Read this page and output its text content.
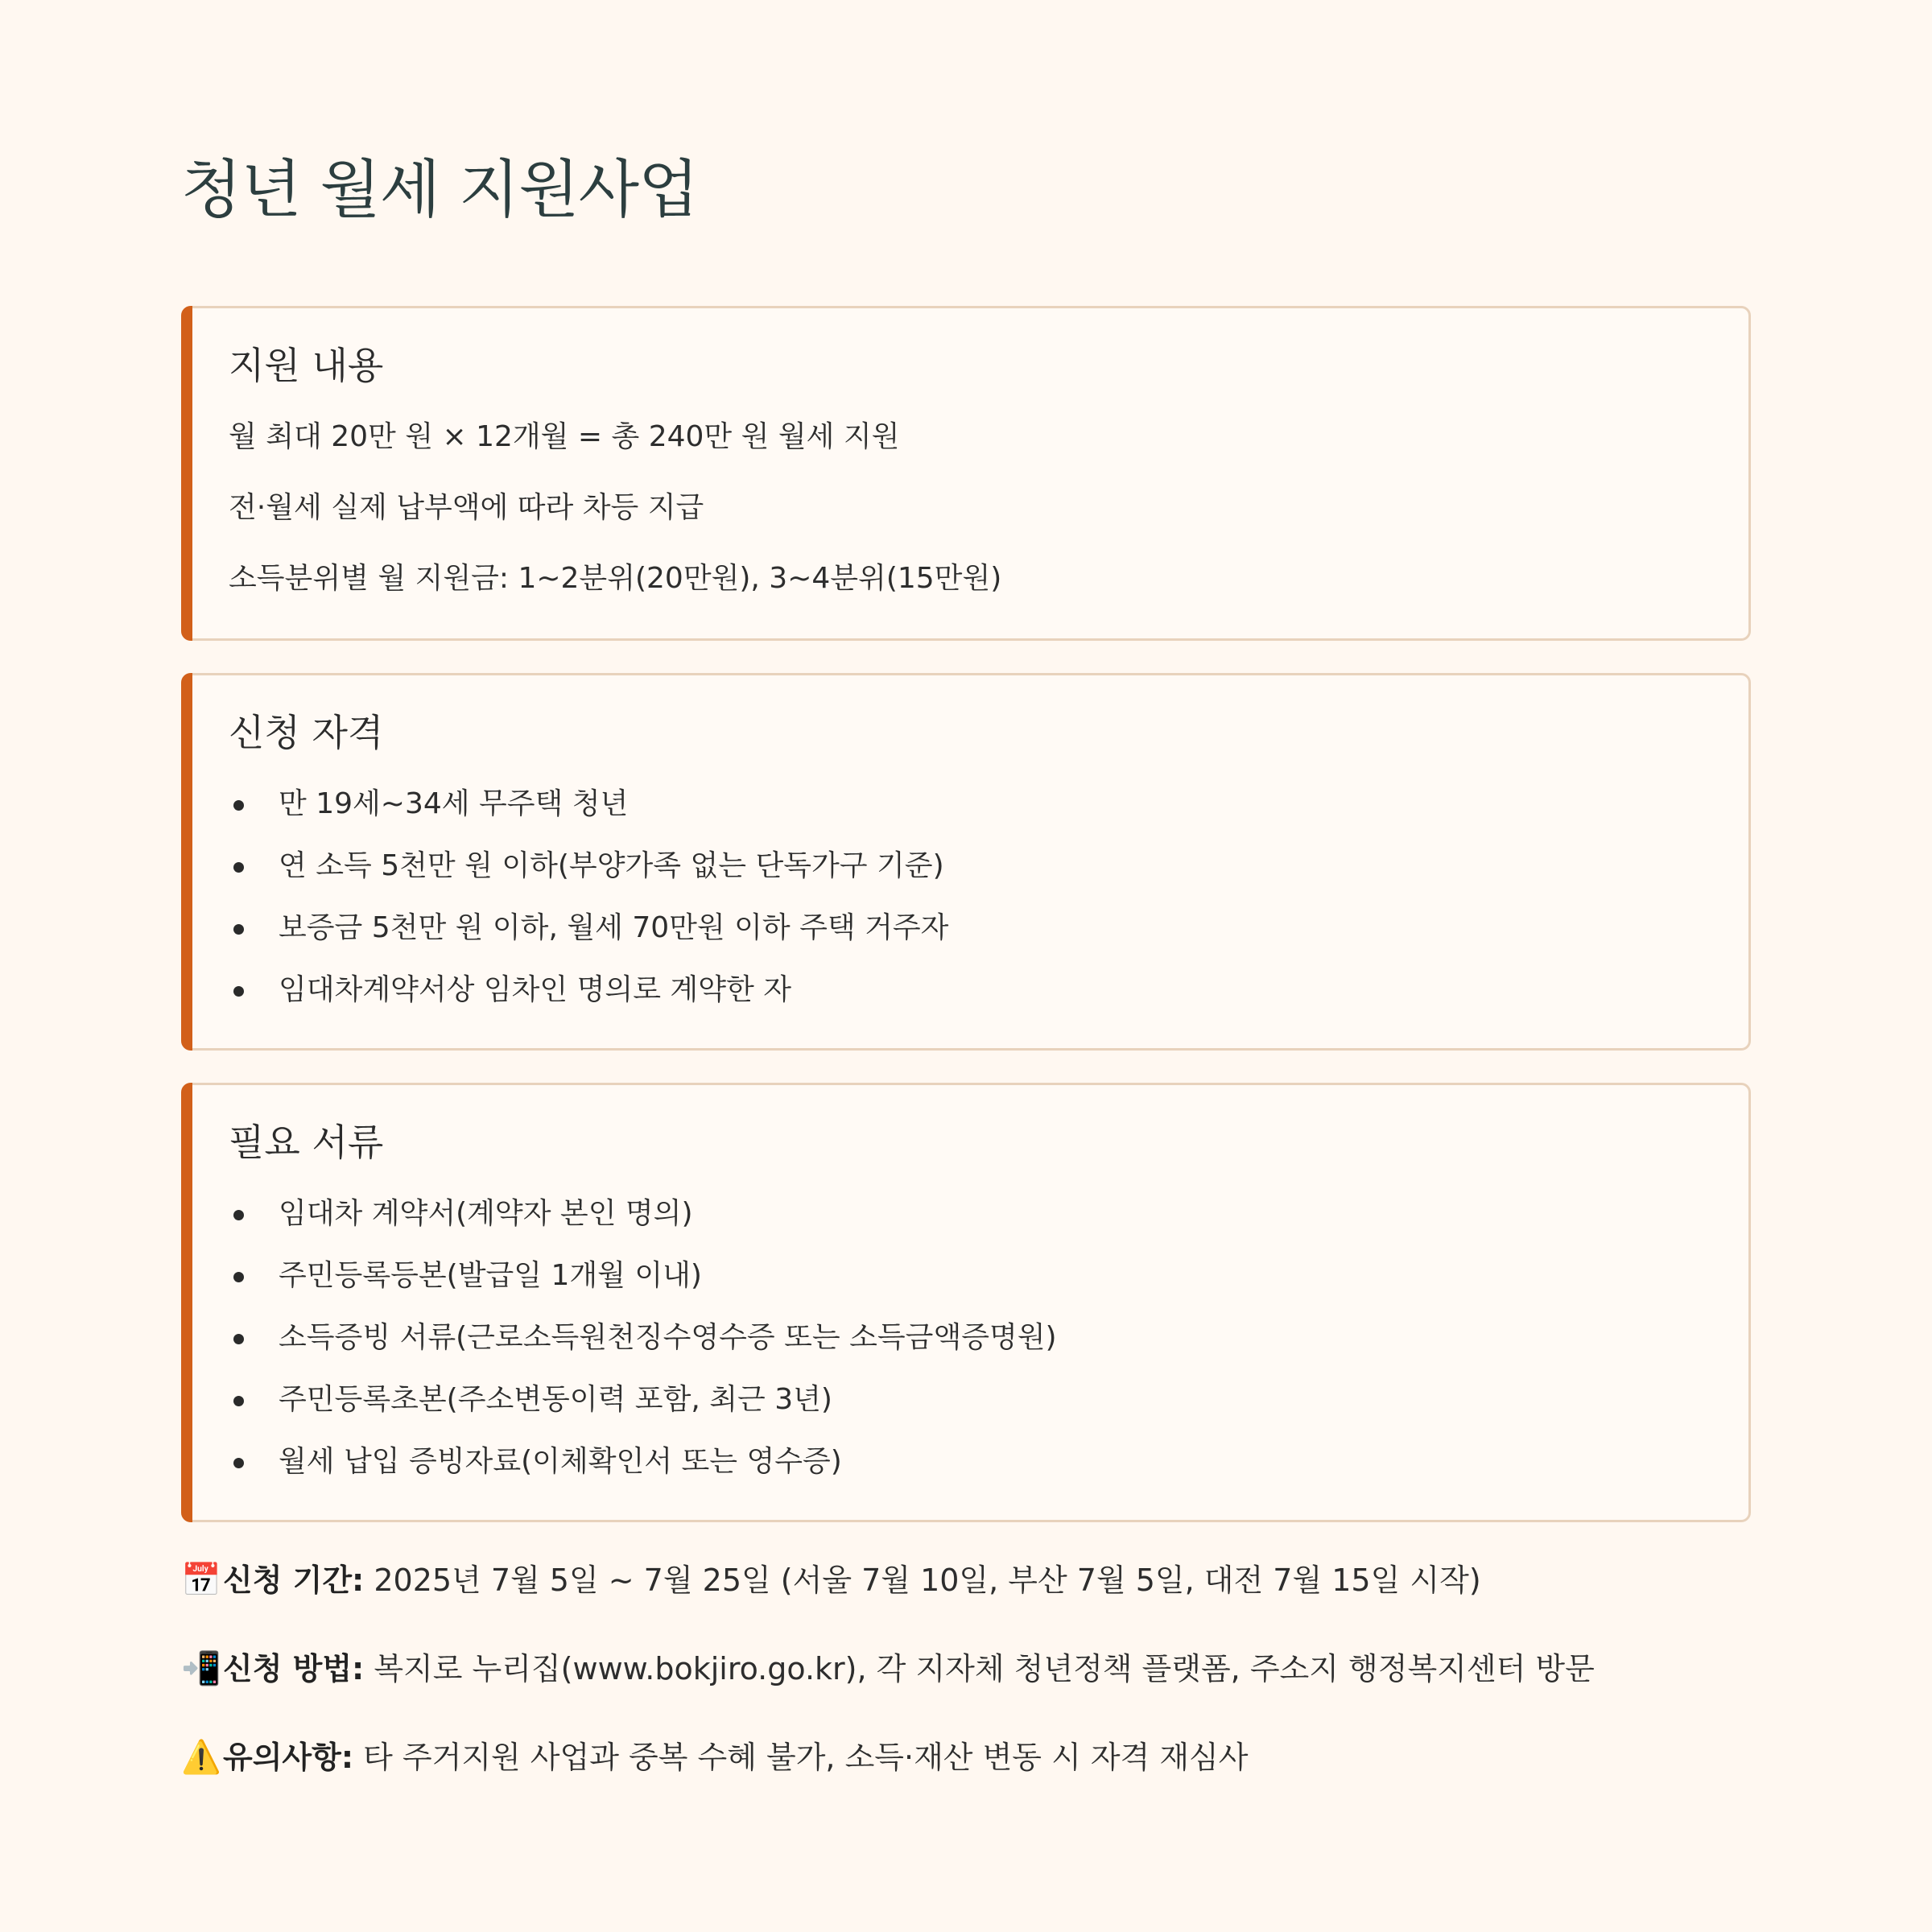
청년 월세 지원사업
지원 내용

월 최대 20만 원 × 12개월 = 총 240만 원 월세 지원

전·월세 실제 납부액에 따라 차등 지급

소득분위별 월 지원금: 1~2분위(20만원), 3~4분위(15만원)

신청 자격
만 19세~34세 무주택 청년
연 소득 5천만 원 이하(부양가족 없는 단독가구 기준)
보증금 5천만 원 이하, 월세 70만원 이하 주택 거주자
임대차계약서상 임차인 명의로 계약한 자
필요 서류
임대차 계약서(계약자 본인 명의)
주민등록등본(발급일 1개월 이내)
소득증빙 서류(근로소득원천징수영수증 또는 소득금액증명원)
주민등록초본(주소변동이력 포함, 최근 3년)
월세 납입 증빙자료(이체확인서 또는 영수증)

📅신청 기간: 2025년 7월 5일 ~ 7월 25일 (서울 7월 10일, 부산 7월 5일, 대전 7월 15일 시작)

📲신청 방법: 복지로 누리집(www.bokjiro.go.kr), 각 지자체 청년정책 플랫폼, 주소지 행정복지센터 방문

⚠️유의사항: 타 주거지원 사업과 중복 수혜 불가, 소득·재산 변동 시 자격 재심사
